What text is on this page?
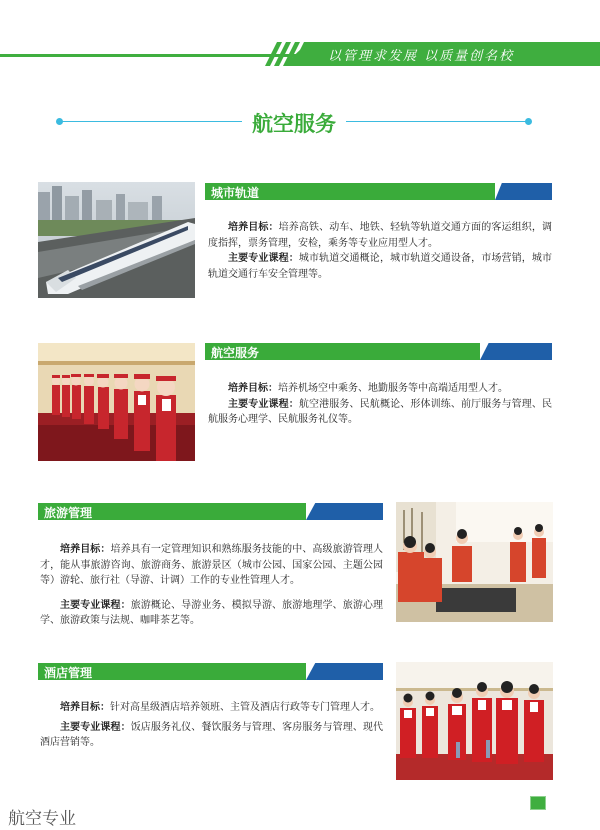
以管理求发展 以质量创名校
航空服务
城市轨道

培养目标：培养高铁、动车、地铁、轻轨等轨道交通方面的客运组织，调度指挥，票务管理，安检，乘务等专业应用型人才。

主要专业课程：城市轨道交通概论，城市轨道交通设备，市场营销，城市轨道交通行车安全管理等。

航空服务

培养目标：培养机场空中乘务、地勤服务等中高端适用型人才。

主要专业课程：航空港服务、民航概论、形体训练、前厅服务与管理、民航服务心理学、民航服务礼仪等。

旅游管理

培养目标：培养具有一定管理知识和熟练服务技能的中、高级旅游管理人才，能从事旅游咨询、旅游商务、旅游景区（城市公园、国家公园、主题公园等）游轮、旅行社（导游、计调）工作的专业性管理人才。

主要专业课程：旅游概论、导游业务、模拟导游、旅游地理学、旅游心理学、旅游政策与法规、咖啡茶艺等。

酒店管理

培养目标：针对高星级酒店培养领班、主管及酒店行政等专门管理人才。

主要专业课程：饭店服务礼仪、餐饮服务与管理、客房服务与管理、现代酒店营销等。

航空专业
